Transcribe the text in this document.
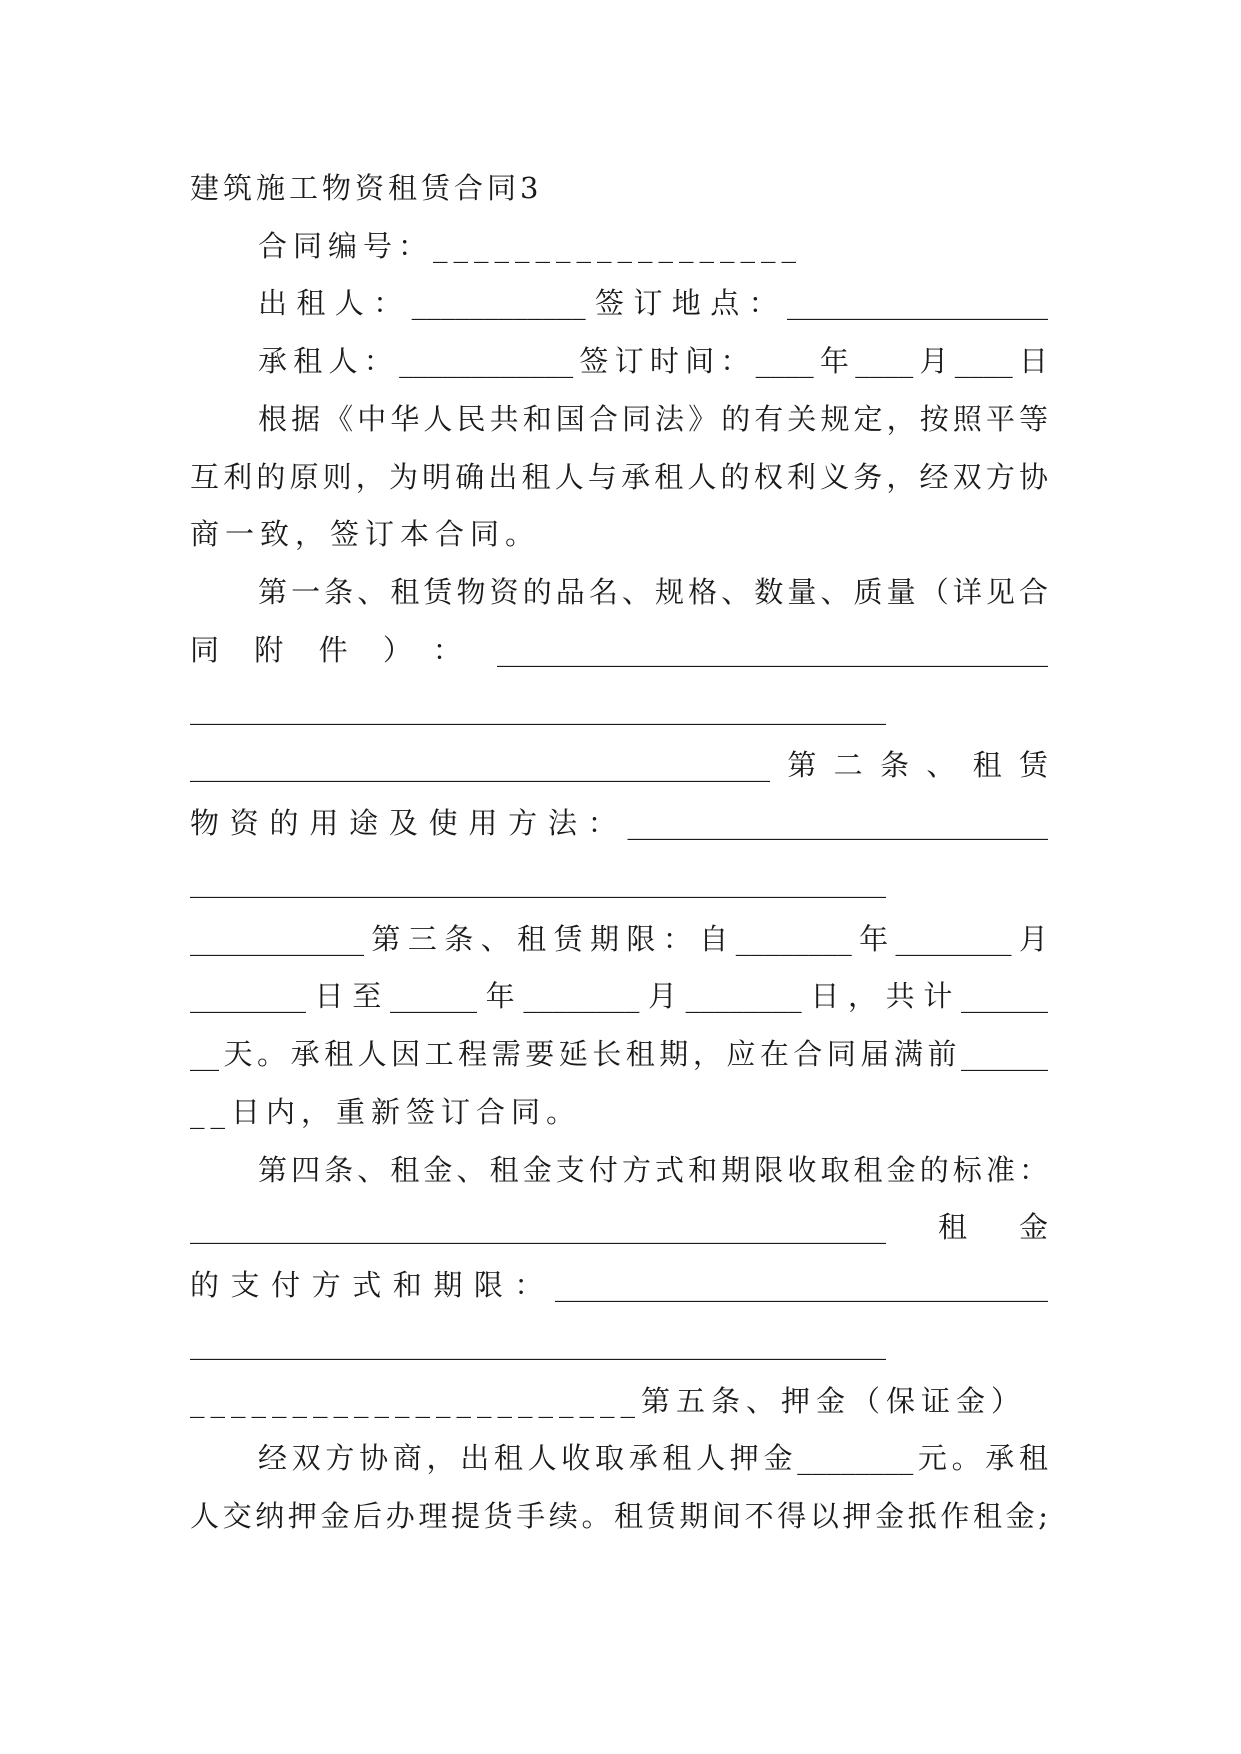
建筑施工物资租赁合同3
合同编号：__________________
出租人：____________签订地点：__________________
承租人：____________签订时间：____年____月____日
根据《中华人民共和国合同法》的有关规定，按照平等
互利的原则，为明确出租人与承租人的权利义务，经双方协
商一致，签订本合同。
第一条、租赁物资的品名、规格、数量、质量（详见合
同附件）：______________________________________
________________________________________________
________________________________________第二条、租赁
物资的用途及使用方法：_____________________________
________________________________________________
____________第三条、租赁期限：自________年________月
________日至______年________月________日，共计______
__天。承租人因工程需要延长租期，应在合同届满前______
__日内，重新签订合同。
第四条、租金、租金支付方式和期限收取租金的标准：
________________________________________________租金
的支付方式和期限：__________________________________
________________________________________________
______________________第五条、押金（保证金）
经双方协商，出租人收取承租人押金________元。承租
人交纳押金后办理提货手续。租赁期间不得以押金抵作租金;
